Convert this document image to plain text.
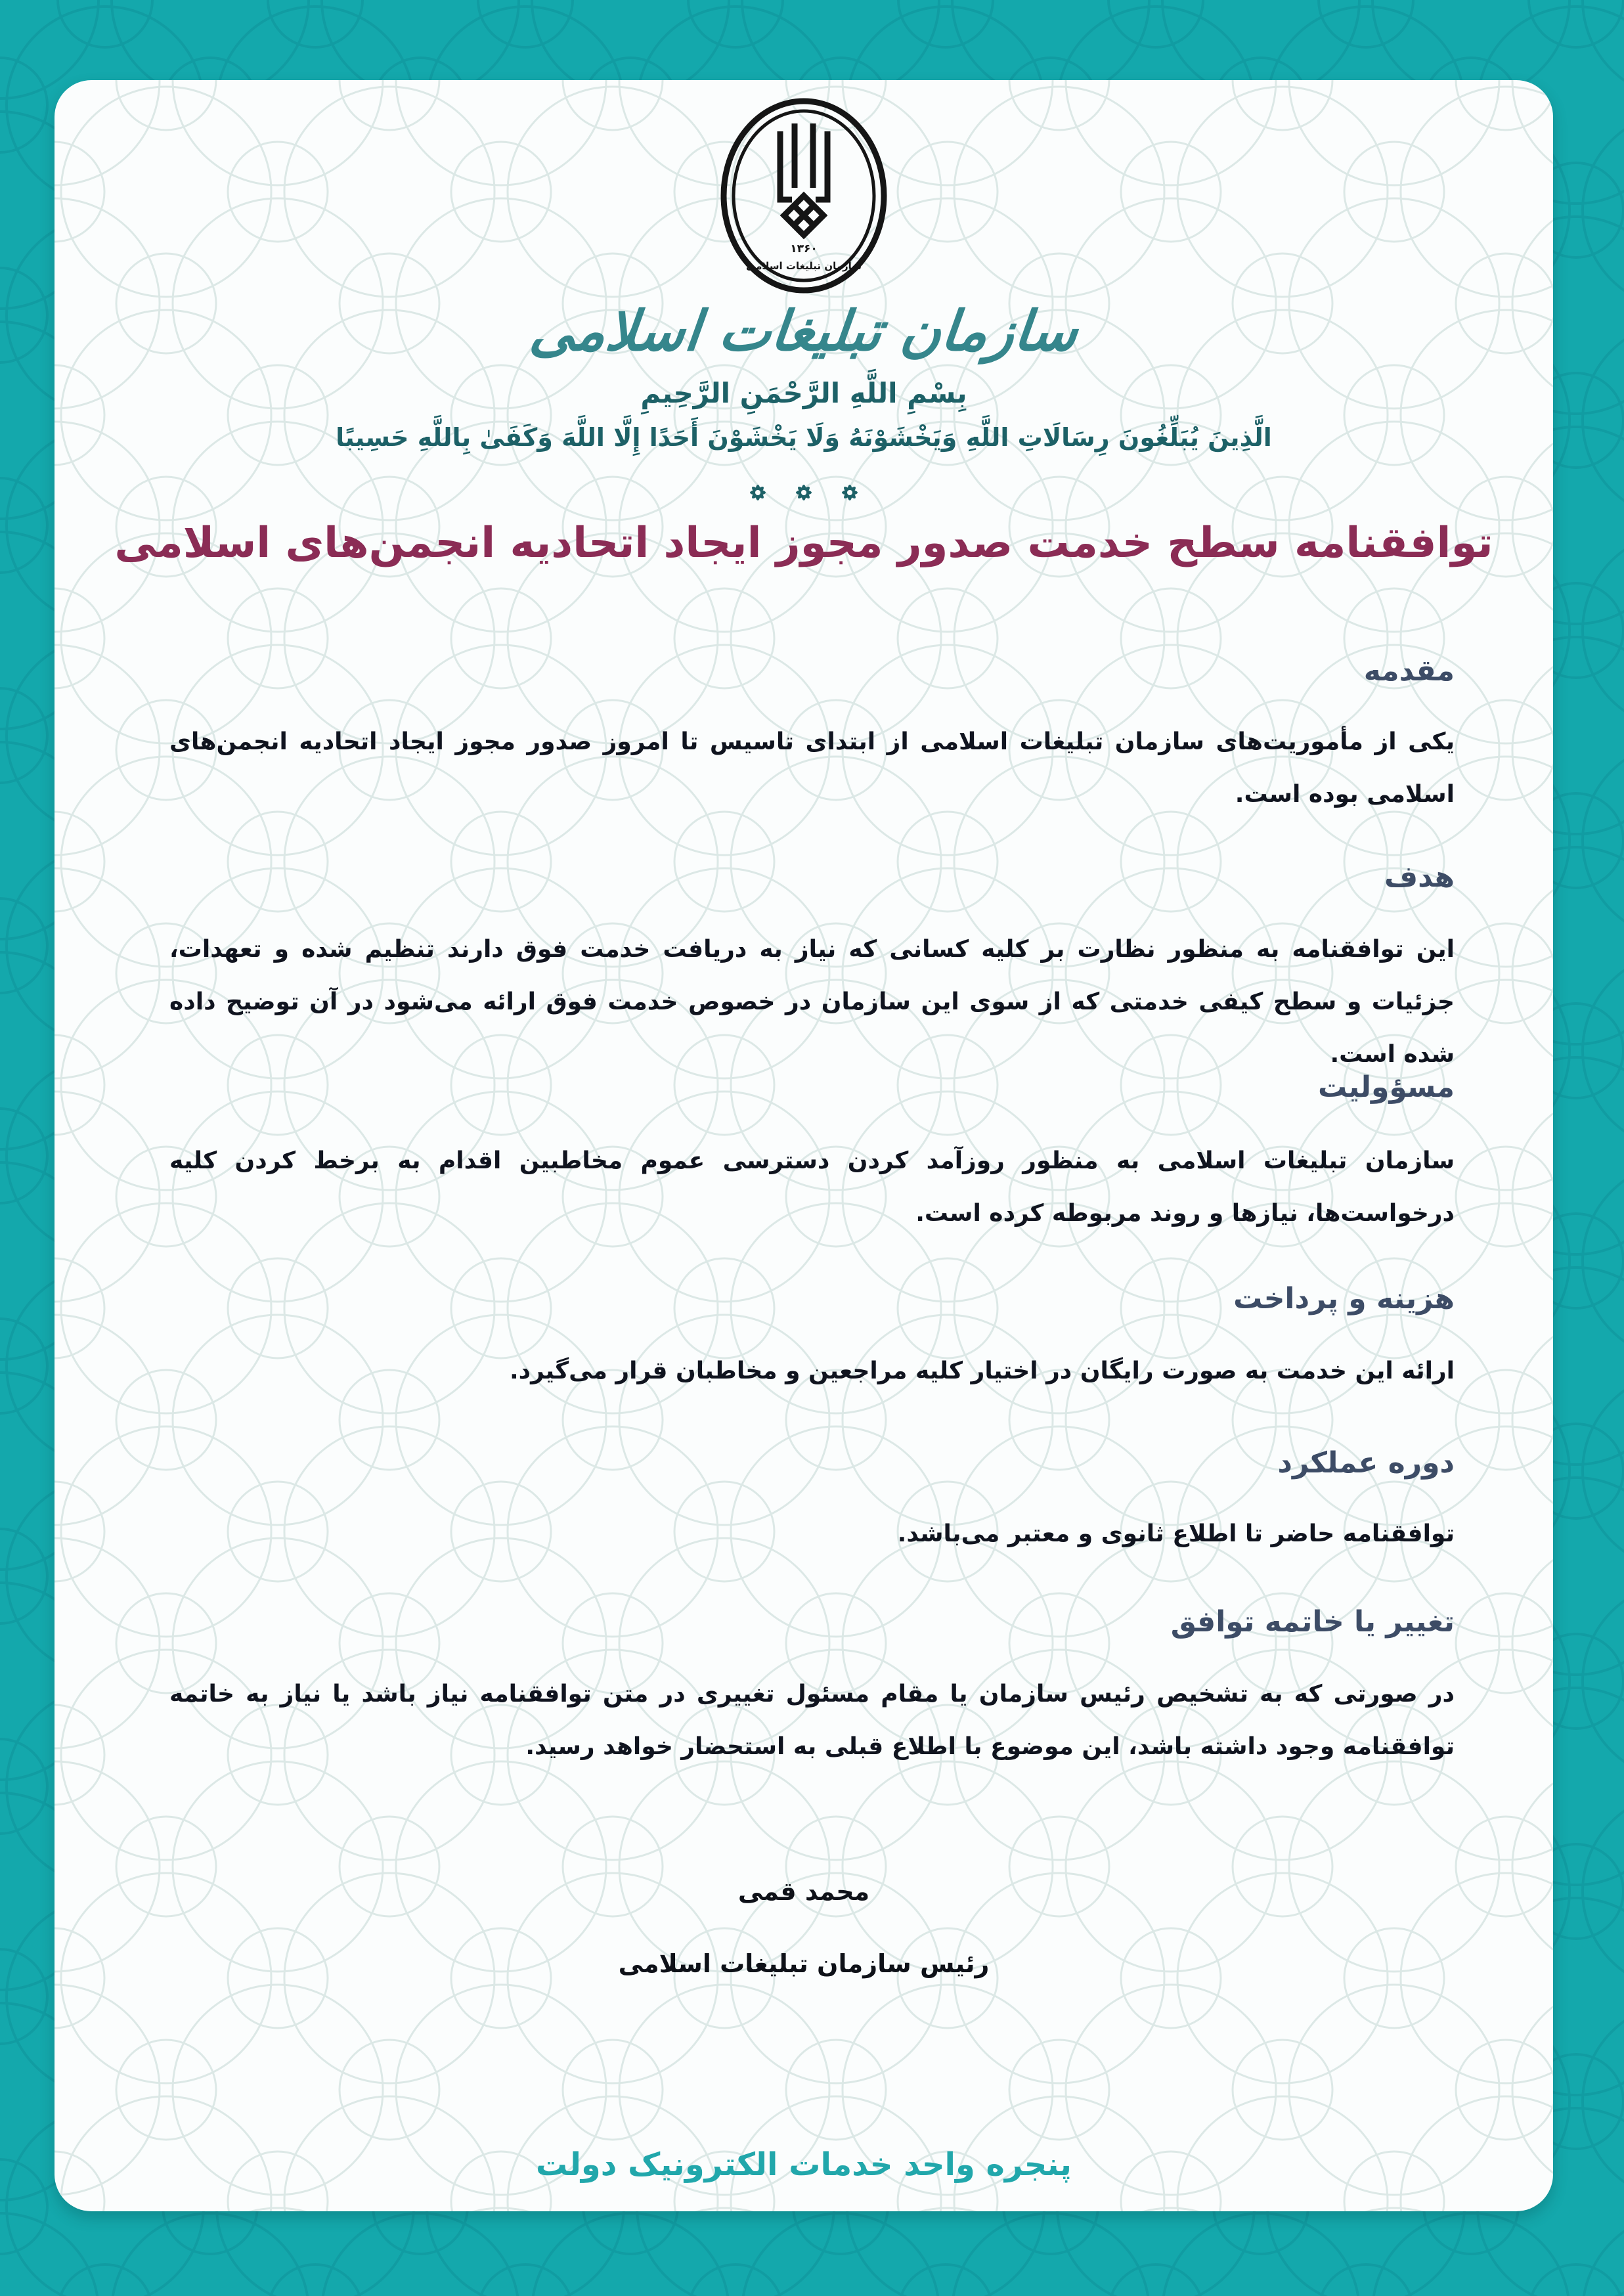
۱۳۶۰
سازمان تبلیغات اسلامی
سازمان تبلیغات اسلامی
بِسْمِ اللَّهِ الرَّحْمَنِ الرَّحِيمِ
الَّذِينَ يُبَلِّغُونَ رِسَالَاتِ اللَّهِ وَيَخْشَوْنَهُ وَلَا يَخْشَوْنَ أَحَدًا إِلَّا اللَّهَ وَكَفَىٰ بِاللَّهِ حَسِيبًا
توافقنامه سطح خدمت صدور مجوز ایجاد اتحادیه انجمن‌های اسلامی
مقدمه
یکی از مأموریت‌های سازمان تبلیغات اسلامی از ابتدای تاسیس تا امروز صدور مجوز ایجاد اتحادیه انجمن‌های اسلامی بوده است.
هدف
این توافقنامه به منظور نظارت بر کلیه کسانی که نیاز به دریافت خدمت فوق دارند تنظیم شده و تعهدات، جزئیات و سطح کیفی خدمتی که از سوی این سازمان در خصوص خدمت فوق ارائه می‌شود در آن توضیح داده شده است.
مسؤولیت
سازمان تبلیغات اسلامی به منظور روزآمد کردن دسترسی عموم مخاطبین اقدام به برخط کردن کلیه درخواست‌ها، نیازها و روند مربوطه کرده است.
هزینه و پرداخت
ارائه این خدمت به صورت رایگان در اختیار کلیه مراجعین و مخاطبان قرار می‌گیرد.
دوره عملکرد
توافقنامه حاضر تا اطلاع ثانوی و معتبر می‌باشد.
تغییر یا خاتمه توافق
در صورتی که به تشخیص رئیس سازمان یا مقام مسئول تغییری در متن توافقنامه نیاز باشد یا نیاز به خاتمه توافقنامه وجود داشته باشد، این موضوع با اطلاع قبلی به استحضار خواهد رسید.
محمد قمی
رئیس سازمان تبلیغات اسلامی
پنجره واحد خدمات الکترونیک دولت
